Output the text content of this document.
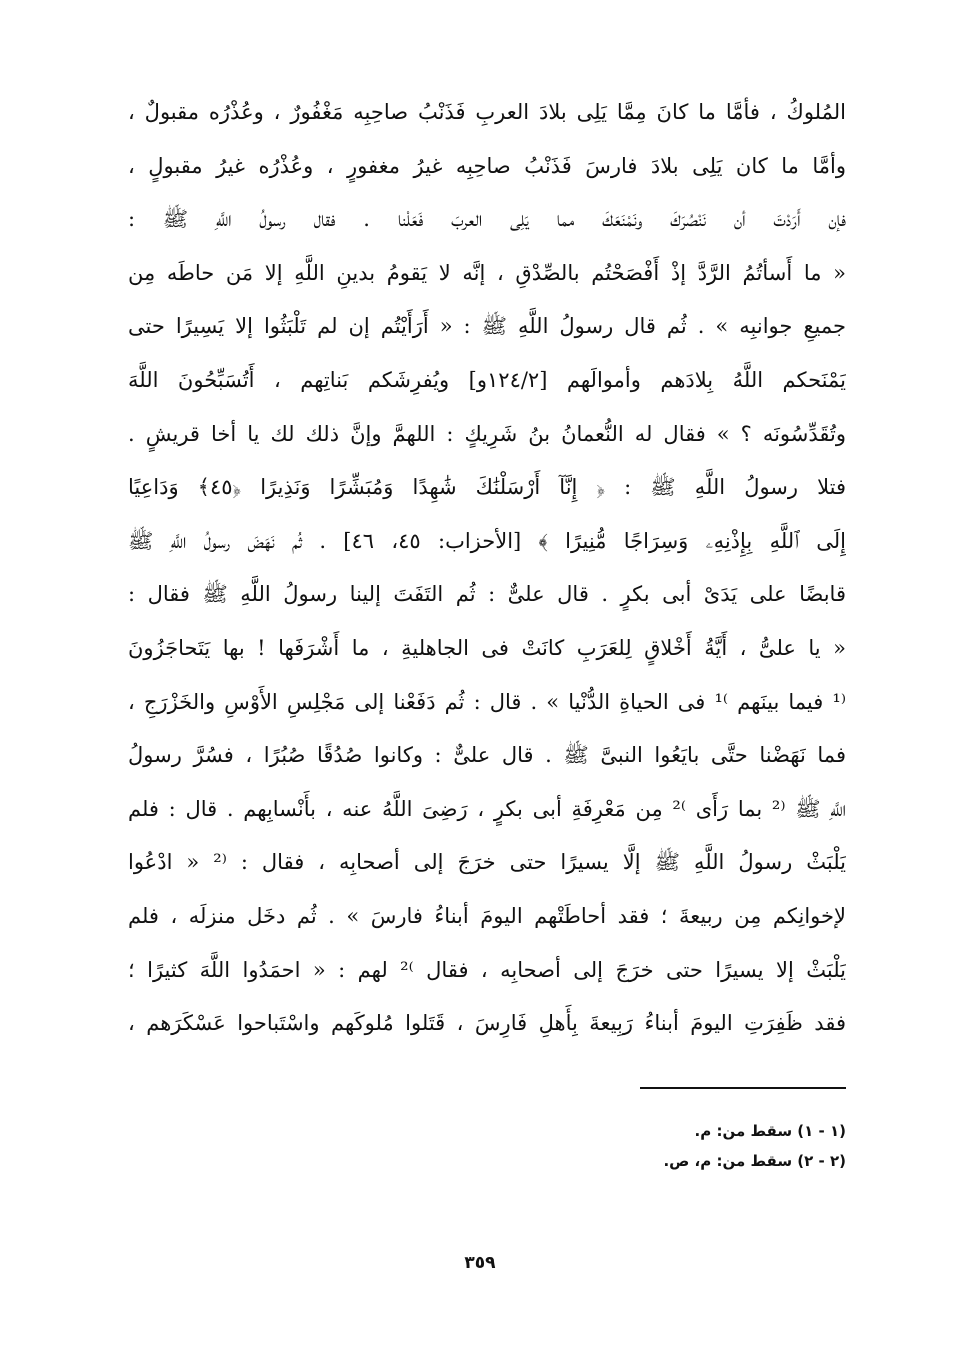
المُلوكُ ، فأمَّا ما كانَ مِمَّا يَلِى بلادَ العربِ فَذَنْبُ صاحِبِه مَغْفُورٌ ، وعُذْرُه مقبولٌ ،
وأمَّا ما كان يَلِى بلادَ فارسَ فَذَنْبُ صاحِبِه غيرُ مغفورٍ ، وعُذْرُه غيرُ مقبولٍ ،
فإن أَرَدْتَ أن نَنْصُرَكَ ونَمْنَعَكَ مما يَلِى العربَ فَعَلْنا . فقال رسولُ اللَّهِ ﷺ :
« ما أَسأتُمُ الرَّدَّ إذْ أَفْصَحْتُم بالصِّدْقِ ، إنَّه لا يَقومُ بدينِ اللَّهِ إلا مَن حاطَه مِن
جميعِ جوانبِه » . ثُم قال رسولُ اللَّهِ ﷺ : « أَرَأَيْتُم إن لم تَلْبَثُوا إلا يَسِيرًا حتى
يَمْنَحكم اللَّهُ بِلادَهم وأموالَهم [١٢٤/٢و] ويُفرِشَكم بَناتِهم ، أَتُسَبِّحُونَ اللَّهَ
وتُقَدِّسُونَه ؟ » فقال له النُّعمانُ بنُ شَرِيكٍ : اللهمَّ وإنَّ ذلك لك يا أخا قريشٍ .
فتلا رسولُ اللَّهِ ﷺ : ﴿ إِنَّآ أَرْسَلْنَٰكَ شَٰهِدًا وَمُبَشِّرًا وَنَذِيرًا ﴿٤٥﴾ وَدَاعِيًا
إِلَى ٱللَّهِ بِإِذْنِهِۦ وَسِرَاجًا مُّنِيرًا ﴾ [الأحزاب: ٤٥، ٤٦] . ثُم نَهَضَ رسولُ اللَّهِ ﷺ
قابضًا على يَدَىْ أبى بكرٍ . قال علىٌّ : ثُم التَفَتَ إلينا رسولُ اللَّهِ ﷺ فقال :
« يا علىُّ ، أَيَّةُ أَخْلاقٍ لِلعَرَبِ كانَتْ فى الجاهليةِ ، ما أَشْرَفَها ! بها يَتَحاجَزُونَ
⁽¹ فيما بينَهم ⁾¹ فى الحياةِ الدُّنْيا » . قال : ثُم دَفَعْنا إلى مَجْلِسِ الأَوْسِ والخَزْرَجِ ،
فما نَهَضْنا حتَّى بايَعُوا النبىَّ ﷺ . قال علىٌّ : وكانوا صُدُقًا صُبُرًا ، فسُرَّ رسولُ
اللَّهِ ﷺ ⁽² بما رَأَى ⁾² مِن مَعْرِفَةِ أبى بكرٍ ، رَضِىَ اللَّهُ عنه ، بأَنْسابِهم . قال : فلم
يَلْبَثْ رسولُ اللَّهِ ﷺ إلَّا يسيرًا حتى خرَجَ إلى أصحابِه ، فقال : ⁽² « ادْعُوا
لإخوانِكم مِن ربيعةَ ؛ فقد أحاطَتْهم اليومَ أبناءُ فارسَ » . ثُم دخَل منزلَه ، فلم
يَلْبَثْ إلا يسيرًا حتى خرَجَ إلى أصحابِه ، فقال ⁾² لهم : « احمَدُوا اللَّهَ كثيرًا ؛
فقد ظَفِرَتِ اليومَ أبناءُ رَبِيعةَ بِأَهلِ فَارِسَ ، قَتَلوا مُلوكَهم واسْتَباحوا عَسْكَرَهم ،
(١ - ١) سقط من: م.
(٢ - ٢) سقط من: م، ص.
٣٥٩
